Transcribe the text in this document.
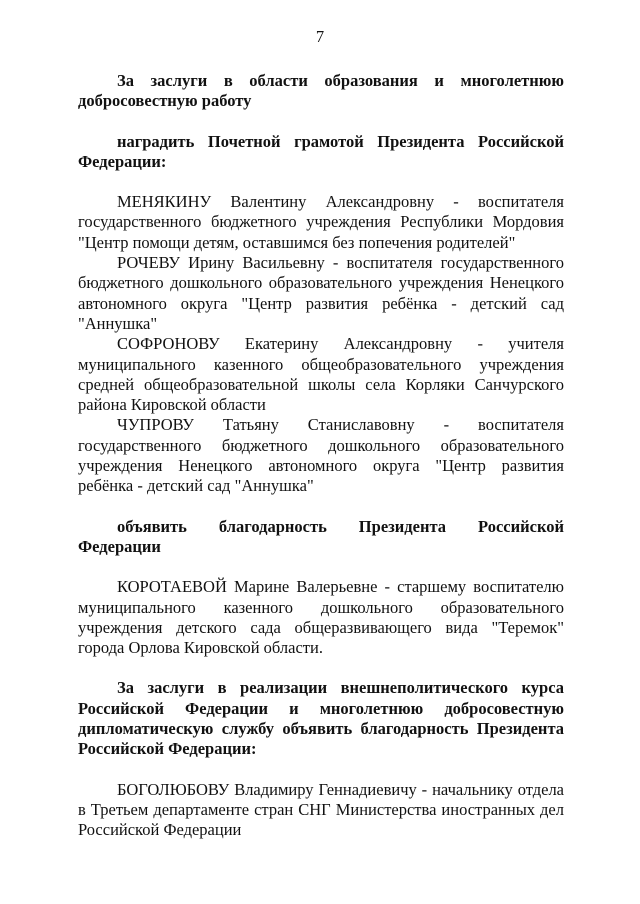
7

За заслуги в области образования и многолетнюю добросовестную работу

наградить Почетной грамотой Президента Российской Федерации:

МЕНЯКИНУ Валентину Александровну - воспитателя государственного бюджетного учреждения Республики Мордовия "Центр помощи детям, оставшимся без попечения родителей"

РОЧЕВУ Ирину Васильевну - воспитателя государственного бюджетного дошкольного образовательного учреждения Ненецкого автономного округа "Центр развития ребёнка - детский сад "Аннушка"

СОФРОНОВУ Екатерину Александровну - учителя муниципального казенного общеобразовательного учреждения средней общеобразовательной школы села Корляки Санчурского района Кировской области

ЧУПРОВУ Татьяну Станиславовну - воспитателя государственного бюджетного дошкольного образовательного учреждения Ненецкого автономного округа "Центр развития ребёнка - детский сад "Аннушка"

объявить благодарность Президента Российской Федерации

КОРОТАЕВОЙ Марине Валерьевне - старшему воспитателю муниципального казенного дошкольного образовательного учреждения детского сада общеразвивающего вида "Теремок" города Орлова Кировской области.

За заслуги в реализации внешнеполитического курса Российской Федерации и многолетнюю добросовестную дипломатическую службу объявить благодарность Президента Российской Федерации:

БОГОЛЮБОВУ Владимиру Геннадиевичу - начальнику отдела в Третьем департаменте стран СНГ Министерства иностранных дел Российской Федерации
